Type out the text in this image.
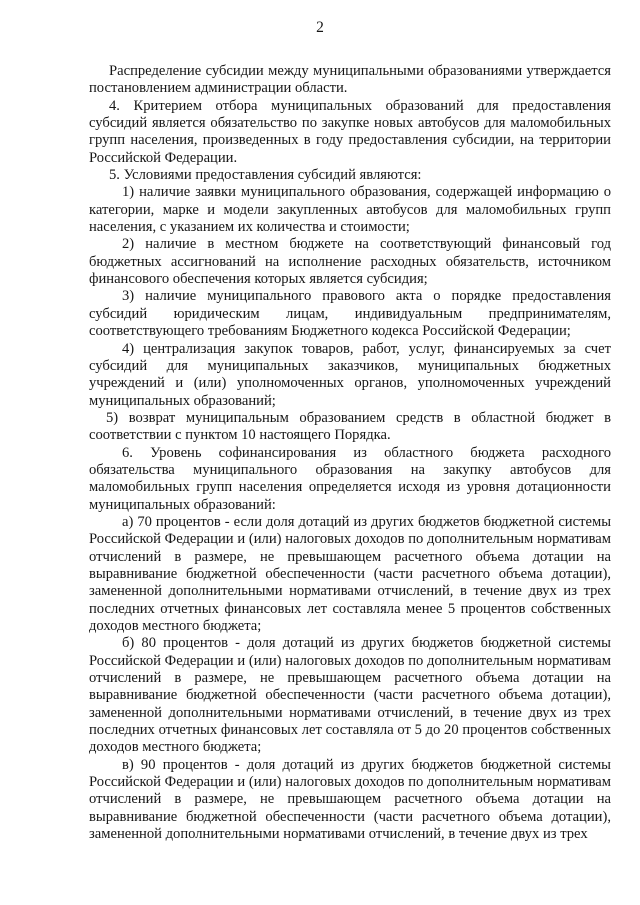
2

Распределение субсидии между муниципальными образованиями утверждается постановлением администрации области.

4. Критерием отбора муниципальных образований для предоставления субсидий является обязательство по закупке новых автобусов для маломобильных групп населения, произведенных в году предоставления субсидии, на территории Российской Федерации.

5. Условиями предоставления субсидий являются:

1) наличие заявки муниципального образования, содержащей информацию о категории, марке и модели закупленных автобусов для маломобильных групп населения, с указанием их количества и стоимости;

2) наличие в местном бюджете на соответствующий финансовый год бюджетных ассигнований на исполнение расходных обязательств, источником финансового обеспечения которых является субсидия;

3) наличие муниципального правового акта о порядке предоставления субсидий юридическим лицам, индивидуальным предпринимателям, соответствующего требованиям Бюджетного кодекса Российской Федерации;

4) централизация закупок товаров, работ, услуг, финансируемых за счет субсидий для муниципальных заказчиков, муниципальных бюджетных учреждений и (или) уполномоченных органов, уполномоченных учреждений муниципальных образований;

5) возврат муниципальным образованием средств в областной бюджет в соответствии с пунктом 10 настоящего Порядка.

6. Уровень софинансирования из областного бюджета расходного обязательства муниципального образования на закупку автобусов для маломобильных групп населения определяется исходя из уровня дотационности муниципальных образований:

а) 70 процентов - если доля дотаций из других бюджетов бюджетной системы Российской Федерации и (или) налоговых доходов по дополнительным нормативам отчислений в размере, не превышающем расчетного объема дотации на выравнивание бюджетной обеспеченности (части расчетного объема дотации), замененной дополнительными нормативами отчислений, в течение двух из трех последних отчетных финансовых лет составляла менее 5 процентов собственных доходов местного бюджета;

б) 80 процентов - доля дотаций из других бюджетов бюджетной системы Российской Федерации и (или) налоговых доходов по дополнительным нормативам отчислений в размере, не превышающем расчетного объема дотации на выравнивание бюджетной обеспеченности (части расчетного объема дотации), замененной дополнительными нормативами отчислений, в течение двух из трех последних отчетных финансовых лет составляла от 5 до 20 процентов собственных доходов местного бюджета;

в) 90 процентов - доля дотаций из других бюджетов бюджетной системы Российской Федерации и (или) налоговых доходов по дополнительным нормативам отчислений в размере, не превышающем расчетного объема дотации на выравнивание бюджетной обеспеченности (части расчетного объема дотации), замененной дополнительными нормативами отчислений, в течение двух из трех
